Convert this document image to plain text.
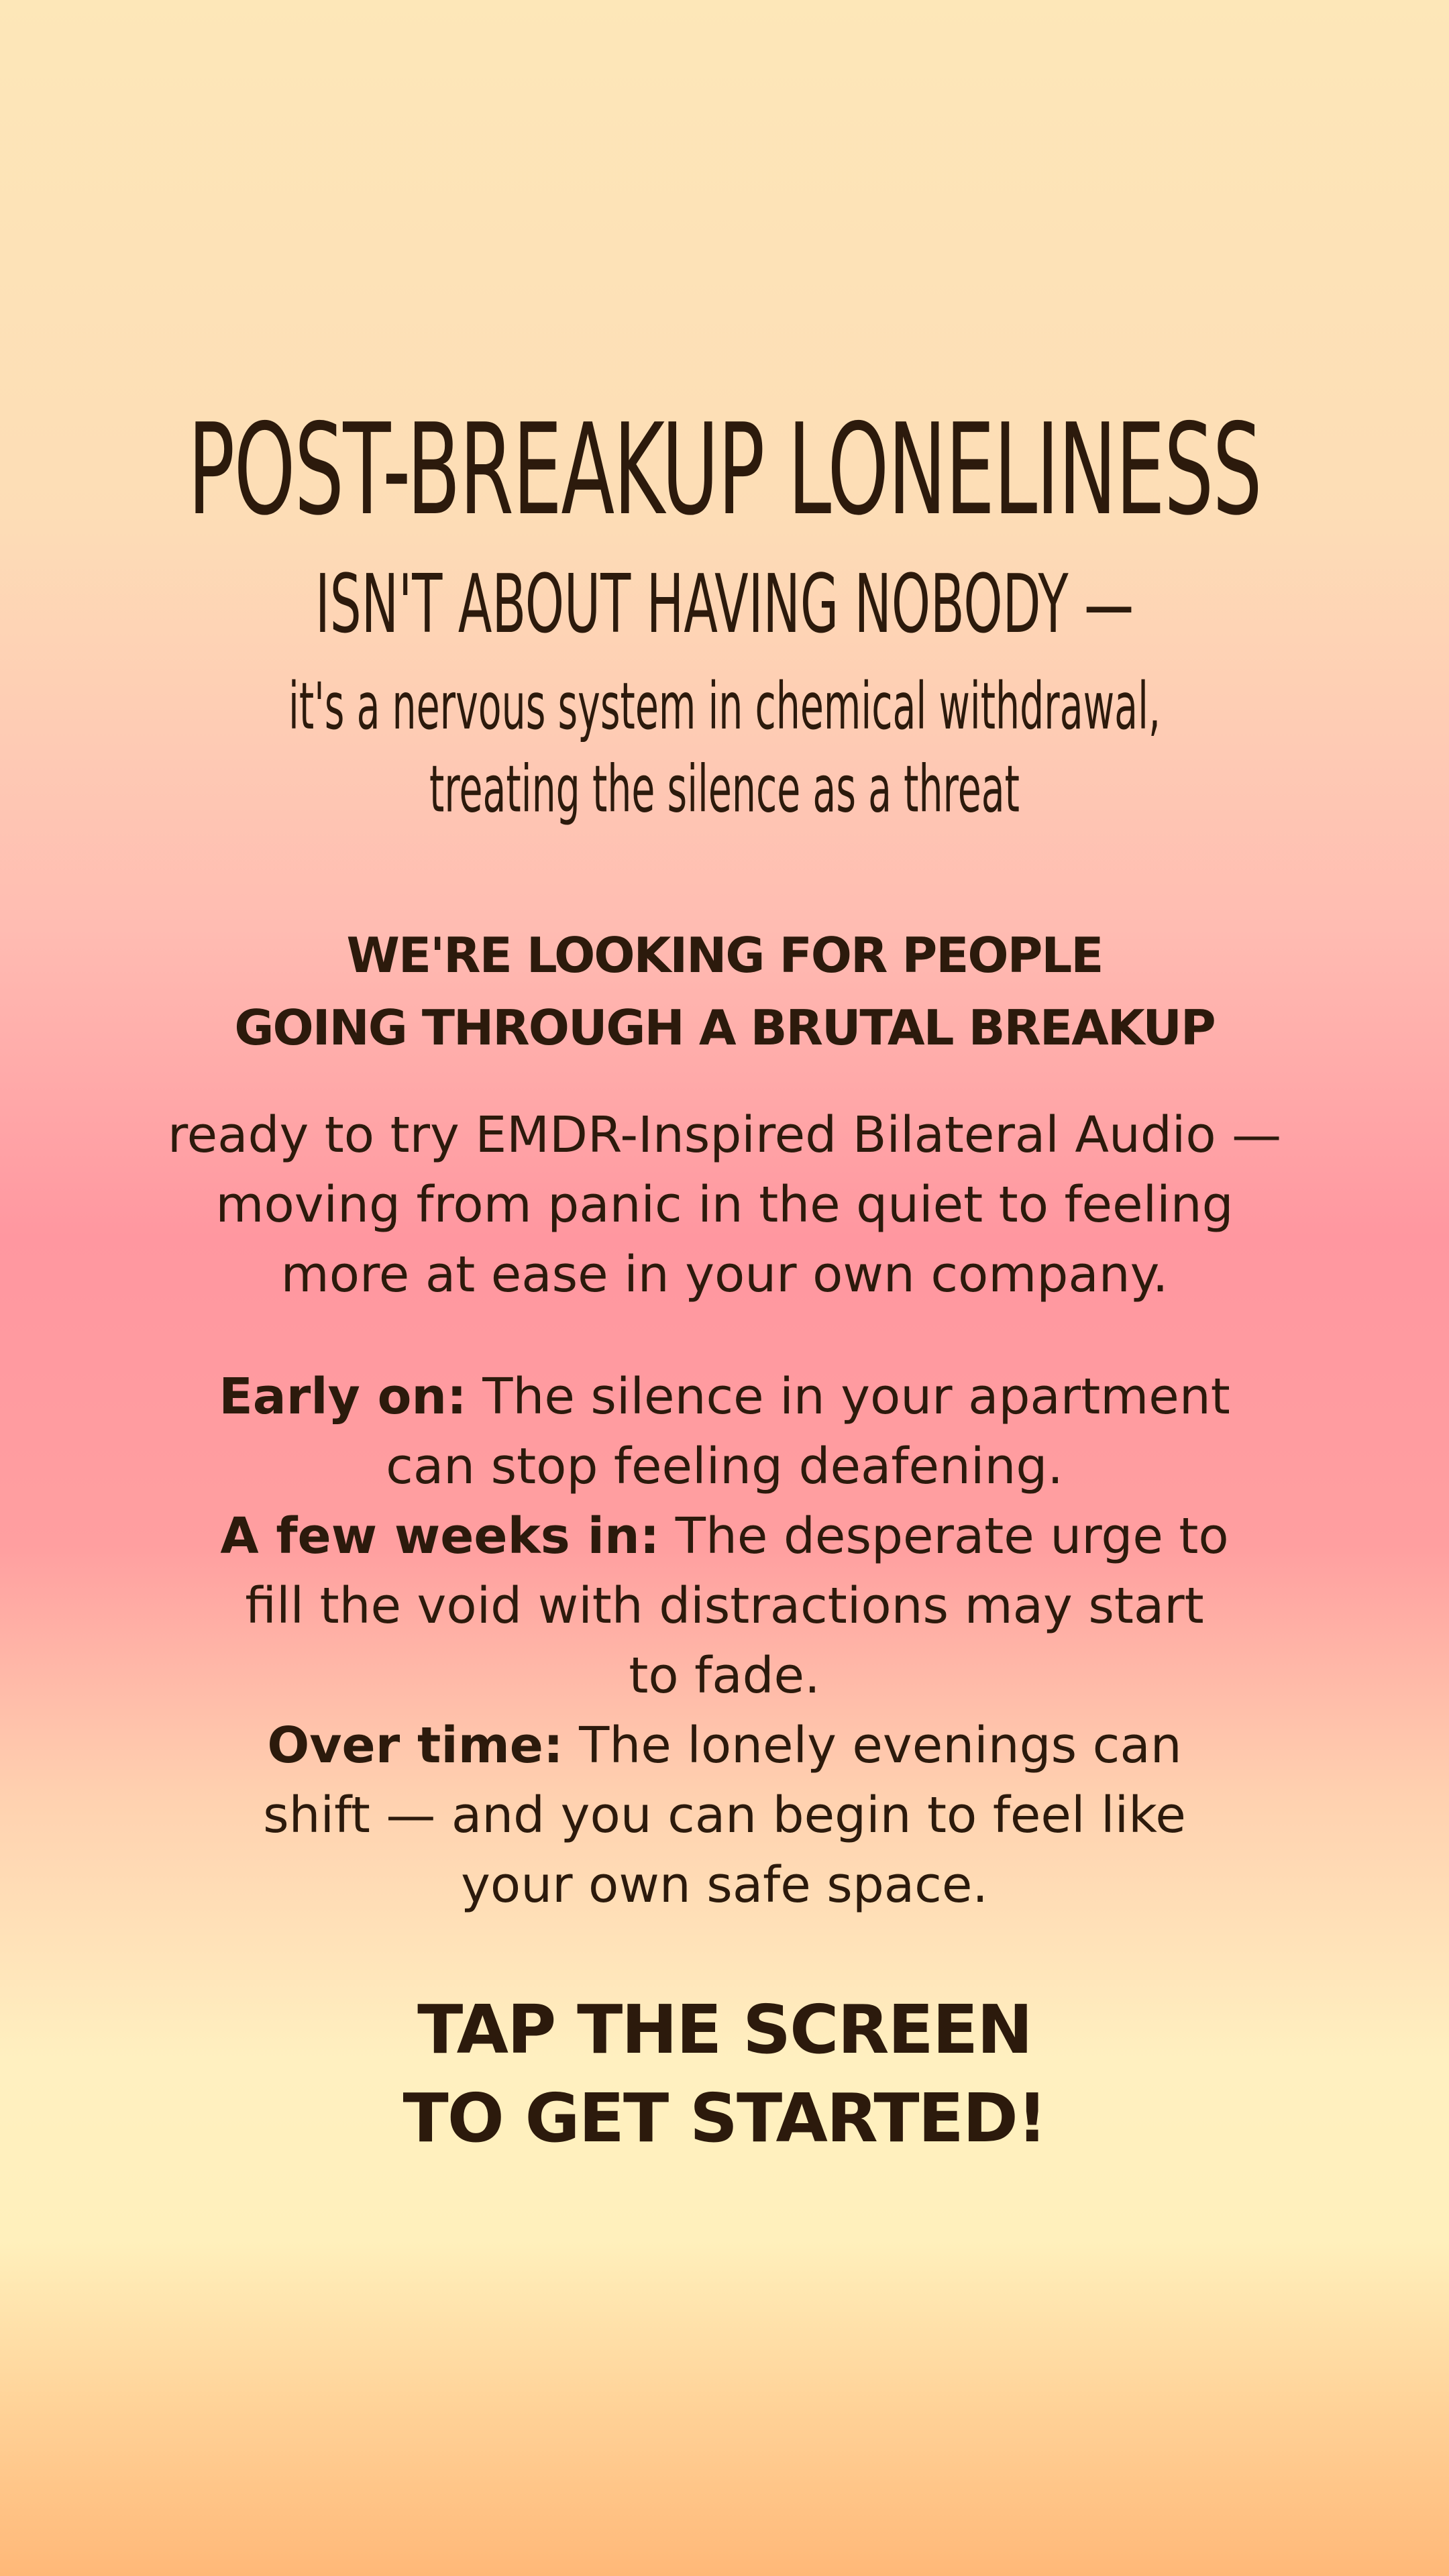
POST-BREAKUP LONELINESS
ISN'T ABOUT HAVING NOBODY —
it's a nervous system in chemical withdrawal,
treating the silence as a threat
WE'RE LOOKING FOR PEOPLE
GOING THROUGH A BRUTAL BREAKUP
ready to try EMDR-Inspired Bilateral Audio —
moving from panic in the quiet to feeling
more at ease in your own company.
Early on: The silence in your apartment
can stop feeling deafening.
A few weeks in: The desperate urge to
fill the void with distractions may start
to fade.
Over time: The lonely evenings can
shift — and you can begin to feel like
your own safe space.
TAP THE SCREEN
TO GET STARTED!
